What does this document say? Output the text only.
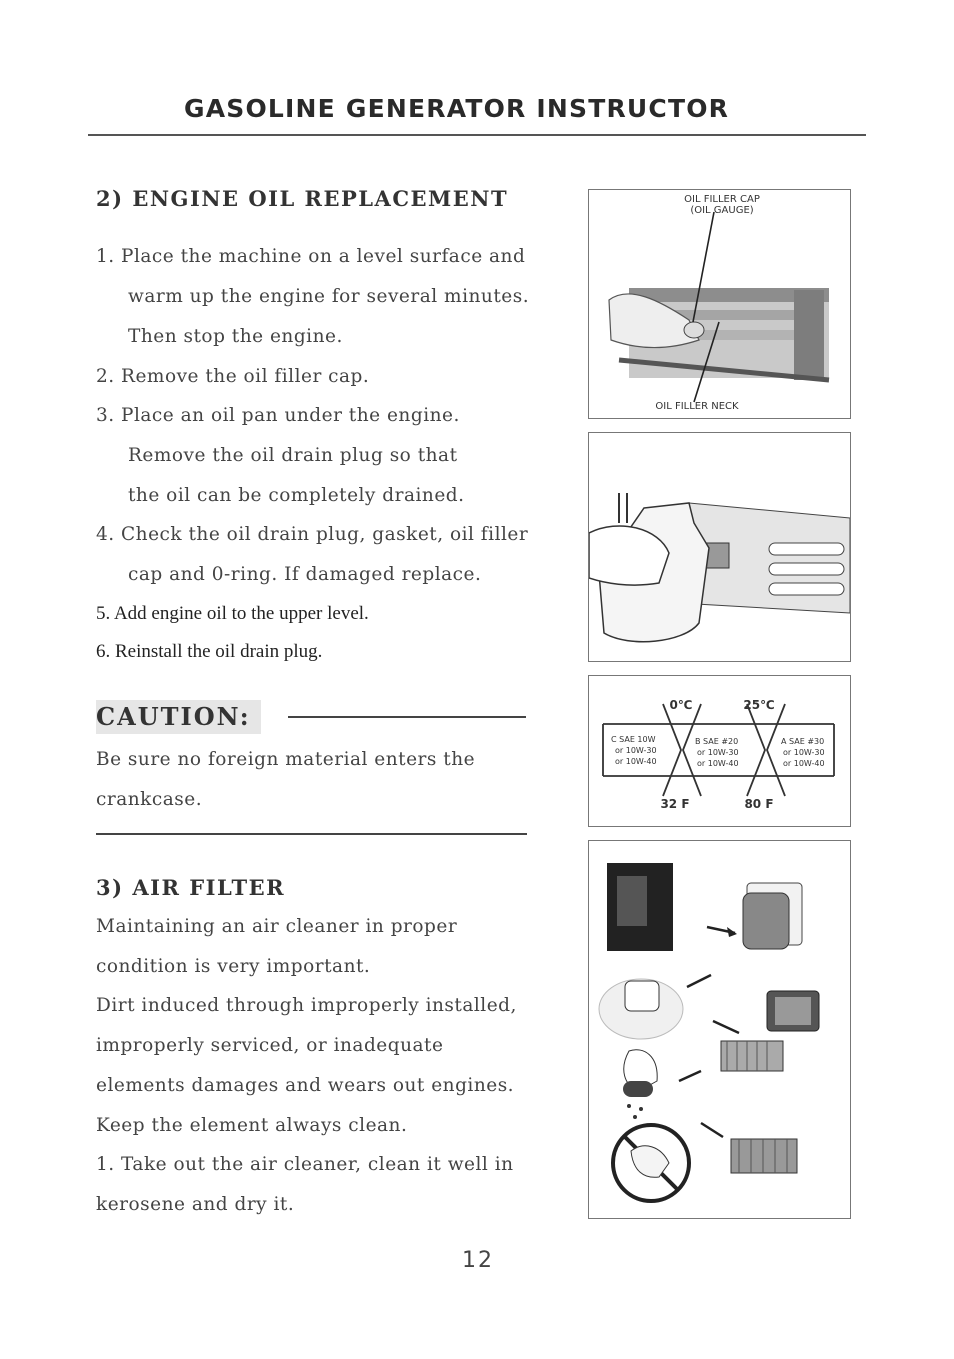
GASOLINE GENERATOR INSTRUCTOR
2) ENGINE OIL REPLACEMENT
1. Place the machine on a level surface and
warm up the engine for several minutes.
Then stop the engine.
2. Remove the oil filler cap.
3. Place an oil pan under the engine.
Remove the oil drain plug so that
the oil can be completely drained.
4. Check the oil drain plug, gasket, oil filler
cap and 0-ring. If damaged replace.
5. Add engine oil to the upper level.
6. Reinstall the oil drain plug.
CAUTION:
Be sure no foreign material enters the
crankcase.
3) AIR FILTER
Maintaining an air cleaner in proper
condition is very important.
Dirt induced through improperly installed,
improperly serviced, or inadequate
elements damages and wears out engines.
Keep the element always clean.
1. Take out the air cleaner, clean it well in
kerosene and dry it.
OIL FILLER CAP
(OIL GAUGE)
OIL FILLER NECK
0℃	25℃
32 F	80 F
C SAE 10W
or 10W-30
or 10W-40
B SAE #20
or 10W-30
or 10W-40
A SAE #30
or 10W-30
or 10W-40
12
